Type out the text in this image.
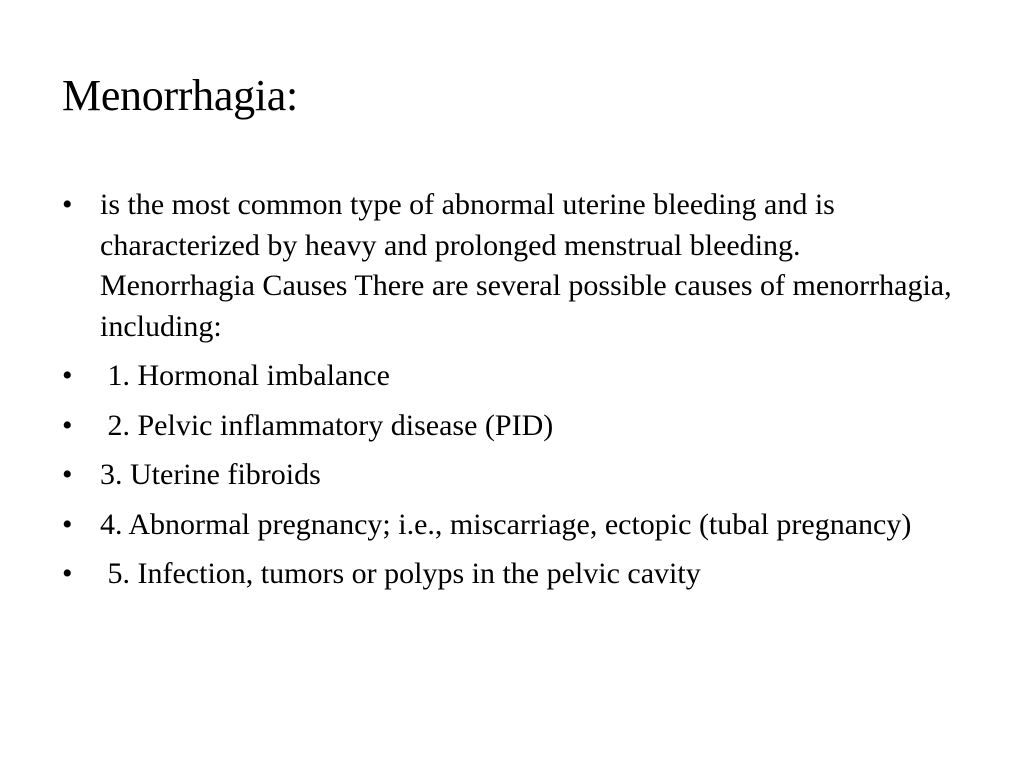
Menorrhagia:
• is the most common type of abnormal uterine bleeding and is characterized by heavy and prolonged menstrual bleeding. Menorrhagia Causes There are several possible causes of menorrhagia, including:
• 1. Hormonal imbalance
• 2. Pelvic inflammatory disease (PID)
• 3. Uterine fibroids
• 4. Abnormal pregnancy; i.e., miscarriage, ectopic (tubal pregnancy)
• 5. Infection, tumors or polyps in the pelvic cavity
